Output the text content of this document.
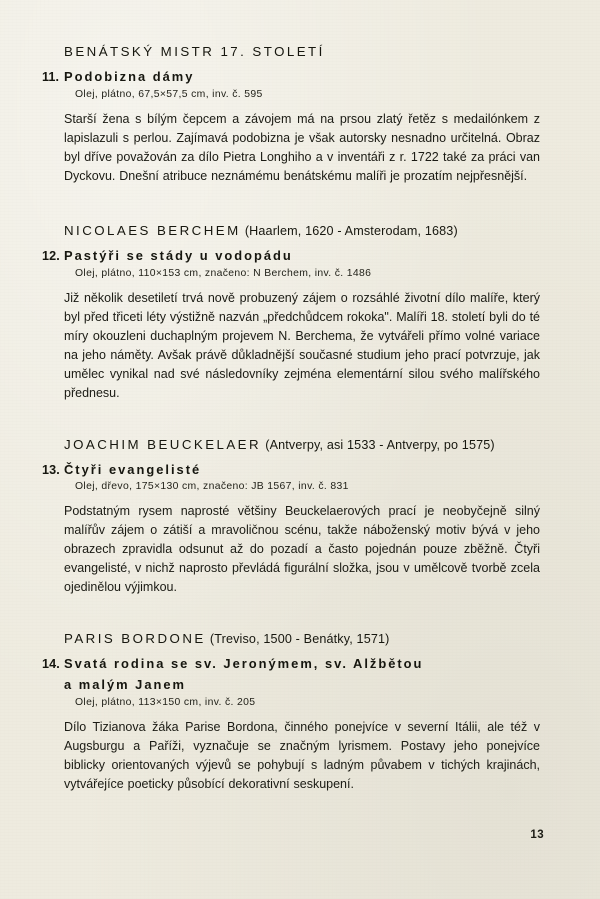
BENÁTSKÝ MISTR 17. STOLETÍ
11. Podobizna dámy
Olej, plátno, 67,5×57,5 cm, inv. č. 595
Starší žena s bílým čepcem a závojem má na prsou zlatý řetěz s medailónkem z lapislazuli s perlou. Zajímavá podobizna je však autorsky nesnadno určitelná. Obraz byl dříve považován za dílo Pietra Longhiho a v inventáři z r. 1722 také za práci van Dyckovu. Dnešní atribuce neznámému benátskému malíři je prozatím nejpřesnější.
NICOLAES BERCHEM (Haarlem, 1620 - Amsterodam, 1683)
12. Pastýři se stády u vodopádu
Olej, plátno, 110×153 cm, značeno: N Berchem, inv. č. 1486
Již několik desetiletí trvá nově probuzený zájem o rozsáhlé životní dílo malíře, který byl před třiceti léty výstižně nazván „předchůdcem rokoka". Malíři 18. století byli do té míry okouzleni duchaplným projevem N. Berchema, že vytvářeli přímo volné variace na jeho náměty. Avšak právě důkladnější současné studium jeho prací potvrzuje, jak umělec vynikal nad své následovníky zejména elementární silou svého malířského přednesu.
JOACHIM BEUCKELAER (Antverpy, asi 1533 - Antverpy, po 1575)
13. Čtyři evangelisté
Olej, dřevo, 175×130 cm, značeno: JB 1567, inv. č. 831
Podstatným rysem naprosté většiny Beuckelaerových prací je neobyčejně silný malířův zájem o zátiší a mravoličnou scénu, takže náboženský motiv bývá v jeho obrazech zpravidla odsunut až do pozadí a často pojednán pouze zběžně. Čtyři evangelisté, v nichž naprosto převládá figurální složka, jsou v umělcově tvorbě zcela ojedinělou výjimkou.
PARIS BORDONE (Treviso, 1500 - Benátky, 1571)
14. Svatá rodina se sv. Jeronýmem, sv. Alžbětou
a malým Janem
Olej, plátno, 113×150 cm, inv. č. 205
Dílo Tizianova žáka Parise Bordona, činného ponejvíce v severní Itálii, ale též v Augsburgu a Paříži, vyznačuje se značným lyrismem. Postavy jeho ponejvíce biblicky orientovaných výjevů se pohybují s ladným půvabem v tichých krajinách, vytvářejíce poeticky působící dekorativní seskupení.
13
